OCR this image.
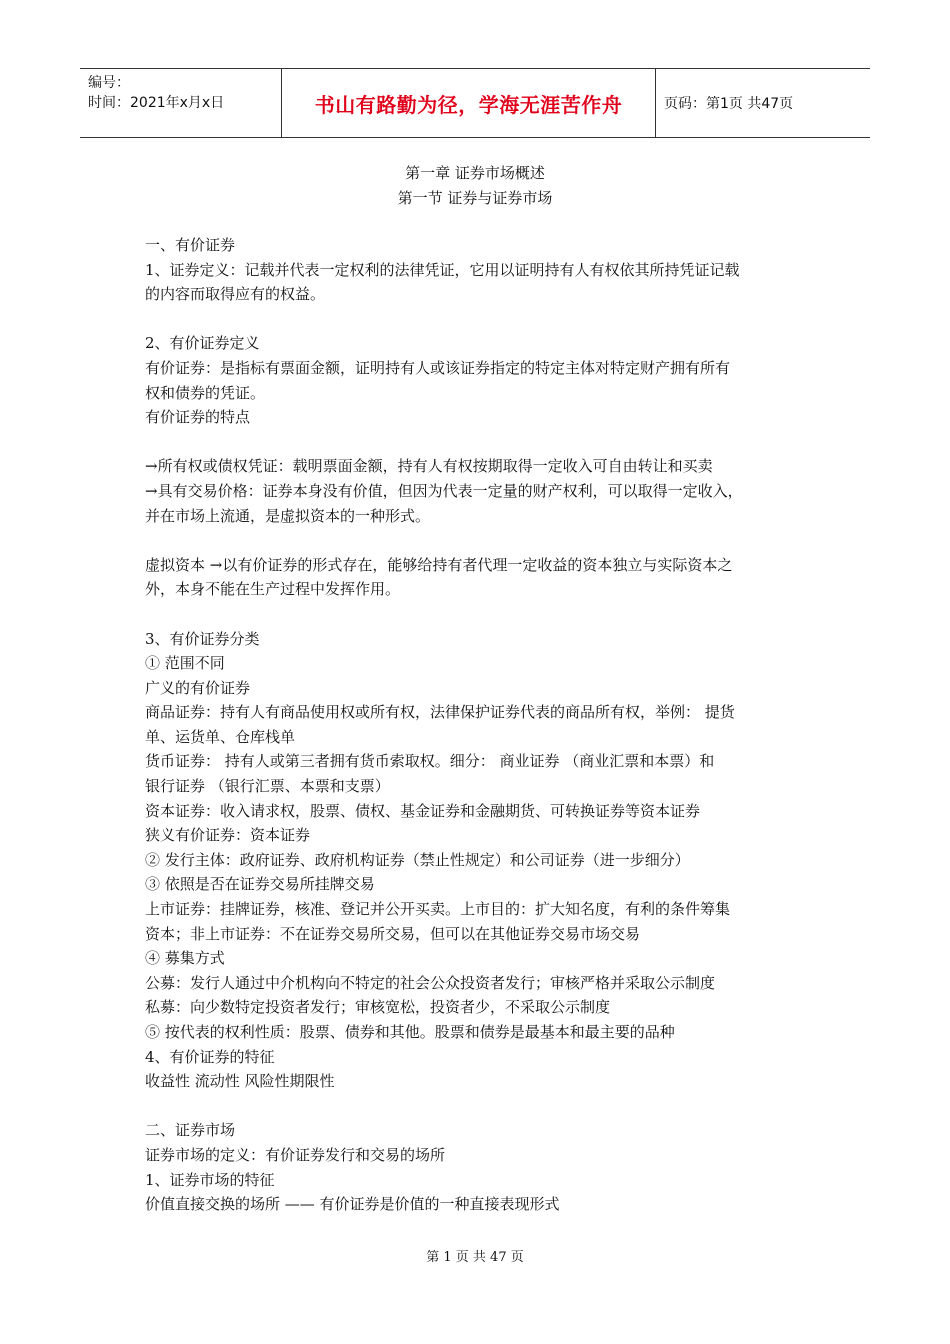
编号：
时间：2021年x月x日	书山有路勤为径，学海无涯苦作舟	页码：第1页 共47页
第一章 证券市场概述
第一节 证券与证券市场

一、有价证券

1、证券定义：记载并代表一定权利的法律凭证，它用以证明持有人有权依其所持凭证记载

的内容而取得应有的权益。

2、有价证券定义

有价证券：是指标有票面金额，证明持有人或该证券指定的特定主体对特定财产拥有所有

权和债券的凭证。

有价证券的特点

→所有权或债权凭证：载明票面金额，持有人有权按期取得一定收入可自由转让和买卖

→具有交易价格：证券本身没有价值，但因为代表一定量的财产权利，可以取得一定收入，

并在市场上流通，是虚拟资本的一种形式。

虚拟资本 →以有价证券的形式存在，能够给持有者代理一定收益的资本独立与实际资本之

外，本身不能在生产过程中发挥作用。

3、有价证券分类

① 范围不同

广义的有价证券

商品证券：持有人有商品使用权或所有权，法律保护证券代表的商品所有权，举例： 提货

单、运货单、仓库栈单

货币证券： 持有人或第三者拥有货币索取权。细分： 商业证券 （商业汇票和本票）和

银行证券 （银行汇票、本票和支票）

资本证券：收入请求权，股票、债权、基金证券和金融期货、可转换证券等资本证券

狭义有价证券：资本证券

② 发行主体：政府证券、政府机构证券（禁止性规定）和公司证券（进一步细分）

③ 依照是否在证券交易所挂牌交易

上市证券：挂牌证券，核准、登记并公开买卖。上市目的：扩大知名度，有利的条件筹集

资本；非上市证券：不在证券交易所交易，但可以在其他证券交易市场交易

④ 募集方式

公募：发行人通过中介机构向不特定的社会公众投资者发行；审核严格并采取公示制度

私募：向少数特定投资者发行；审核宽松，投资者少，不采取公示制度

⑤ 按代表的权利性质：股票、债券和其他。股票和债券是最基本和最主要的品种

4、有价证券的特征

收益性 流动性 风险性期限性

二、证券市场

证券市场的定义：有价证券发行和交易的场所

1、证券市场的特征

价值直接交换的场所 —— 有价证券是价值的一种直接表现形式

第 1 页 共 47 页
